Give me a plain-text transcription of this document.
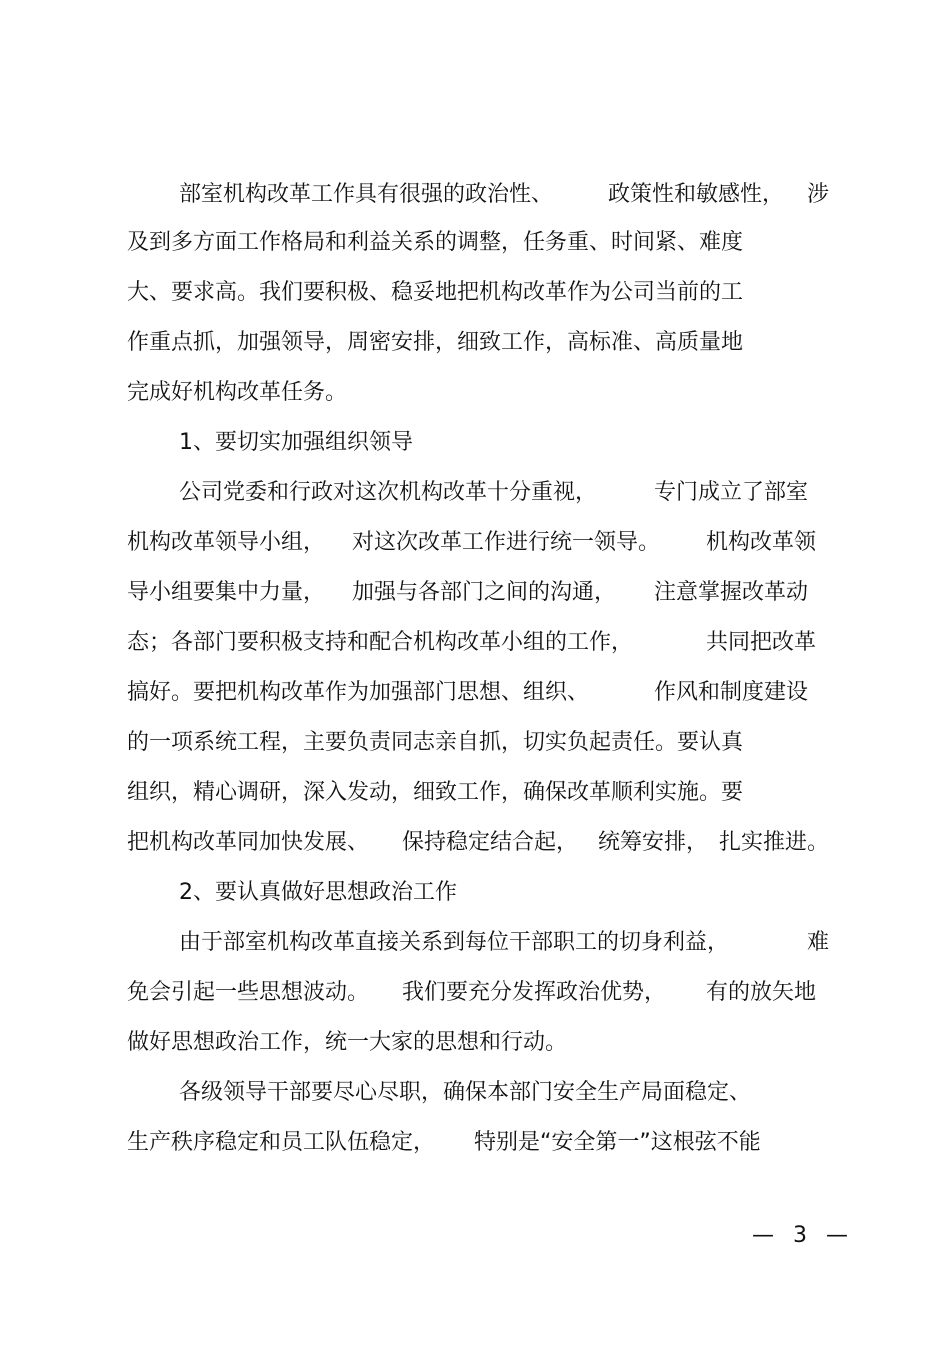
部室机构改革工作具有很强的政治性、 政策性和敏感性， 涉
及到多方面工作格局和利益关系的调整，任务重、时间紧、难度
大、要求高。我们要积极、稳妥地把机构改革作为公司当前的工
作重点抓，加强领导，周密安排，细致工作，高标准、高质量地
完成好机构改革任务。
1、要切实加强组织领导
公司党委和行政对这次机构改革十分重视，	专门成立了部室
机构改革领导小组， 对这次改革工作进行统一领导。 机构改革领
导小组要集中力量， 加强与各部门之间的沟通， 注意掌握改革动
态；各部门要积极支持和配合机构改革小组的工作，	共同把改革
搞好。要把机构改革作为加强部门思想、组织、	作风和制度建设
的一项系统工程，主要负责同志亲自抓，切实负起责任。要认真
组织，精心调研，深入发动，细致工作，确保改革顺利实施。要
把机构改革同加快发展、 保持稳定结合起， 统筹安排， 扎实推进。
2、要认真做好思想政治工作
由于部室机构改革直接关系到每位干部职工的切身利益，	难
免会引起一些思想波动。 我们要充分发挥政治优势， 有的放矢地
做好思想政治工作，统一大家的思想和行动。
各级领导干部要尽心尽职，确保本部门安全生产局面稳定、
生产秩序稳定和员工队伍稳定， 特别是“安全第一”这根弦不能
— 3 —
